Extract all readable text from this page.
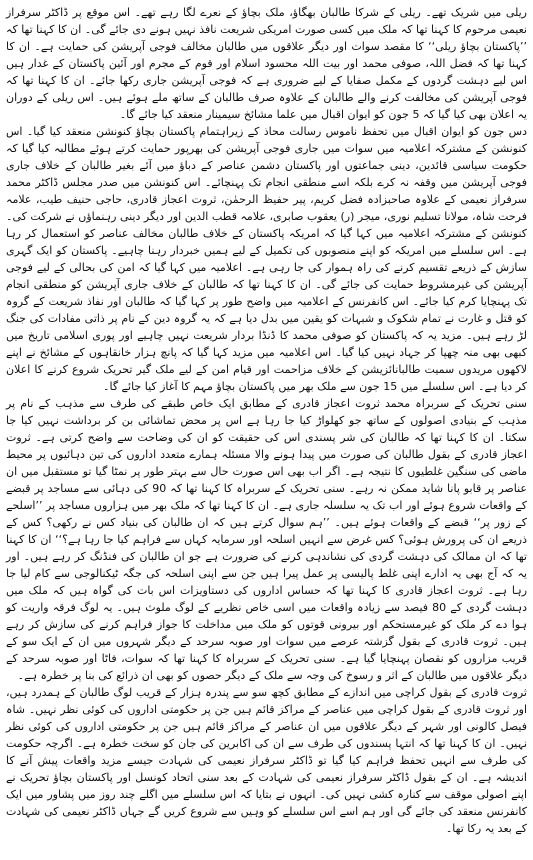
ریلی میں شریک تھے۔ ریلی کے شرکا طالبان بھگاؤ، ملک بچاؤ کے نعرے لگا رہے تھے۔ اس موقع پر ڈاکٹر سرفراز نعیمی مرحوم کا کہنا تھا کہ ملک میں کسی صورت امریکی شریعت نافذ نہیں ہونے دی جائے گی۔ ان کا کہنا تھا کہ ’’پاکستان بچاؤ ریلی‘‘ کا مقصد سوات اور دیگر علاقوں میں طالبان مخالف فوجی آپریشن کی حمایت ہے۔ ان کا کہنا تھا کہ فضل اللہ، صوفی محمد اور بیت اللہ محسود اسلام اور قوم کے مجرم اور آئین پاکستان کے غدار ہیں اس لیے دہشت گردوں کے مکمل صفایا کے لیے ضروری ہے کہ فوجی آپریشن جاری رکھا جائے۔ ان کا کہنا تھا کہ فوجی آپریشن کی مخالفت کرنے والے طالبان کے علاوہ صرف طالبان کے ساتھ ملے ہوئے ہیں۔ اس ریلی کے دوران یہ اعلان بھی کیا گیا کہ 5 جون کو ایوان اقبال میں علما مشائخ سیمینار منعقد کیا جائے گا۔

دس جون کو ایوان اقبال میں تحفظ ناموس رسالت محاذ کے زیراہتمام پاکستان بچاؤ کنونشن منعقد کیا گیا۔ اس کنونشن کے مشترکہ اعلامیہ میں سوات میں جاری فوجی آپریشن کی بھرپور حمایت کرتے ہوئے مطالبہ کیا گیا کہ حکومت سیاسی قائدین، دینی جماعتوں اور پاکستان دشمن عناصر کے دباؤ میں آئے بغیر طالبان کے خلاف جاری فوجی آپریشن میں وقفہ نہ کرے بلکہ اسے منطقی انجام تک پہنچائے۔ اس کنونشن میں صدر مجلس ڈاکٹر محمد سرفراز نعیمی کے علاوہ صاحبزادہ فضل کریم، پیر حفیظ الرحمٰن، ثروت اعجاز قادری، حاجی حنیف طیب، علامہ فرحت شاہ، مولانا تسلیم نوری، میجر (ر) یعقوب صابری، علامہ قطب الدین اور دیگر دینی رہنماؤں نے شرکت کی۔ کنونشن کے مشترکہ اعلامیہ میں کہا گیا کہ امریکہ پاکستان کے خلاف طالبان مخالف عناصر کو استعمال کر رہا ہے۔ اس سلسلے میں امریکہ کو اپنے منصوبوں کی تکمیل کے لیے ہمیں خبردار رہنا چاہیے۔ پاکستان کو ایک گہری سازش کے ذریعے تقسیم کرنے کی راہ ہموار کی جا رہی ہے۔ اعلامیہ میں کہا گیا کہ امن کی بحالی کے لیے فوجی آپریشن کی غیرمشروط حمایت کی جائے گی۔ ان کا کہنا تھا کہ طالبان کے خلاف جاری آپریشن کو منطقی انجام تک پہنچایا کرم کیا جائے۔ اس کانفرنس کے اعلامیہ میں واضح طور پر کہا گیا کہ طالبان اور نفاذ شریعت کے گروہ کو قتل و غارت نے تمام شکوک و شبہات کو یقین میں بدل دیا ہے کہ یہ گروہ دین کے نام پر ذاتی مفادات کی جنگ لڑ رہے ہیں۔ مزید یہ کہ پاکستان کو صوفی محمد کا ڈنڈا بردار شریعت نہیں چاہیے اور پوری اسلامی تاریخ میں کبھی بھی منہ چھپا کر جہاد نہیں کیا گیا۔ اس اعلامیہ میں مزید کہا گیا کہ پانچ ہزار خانقاہوں کے مشائخ نے اپنے لاکھوں مریدوں سمیت طالبانائزیشن کے خلاف مزاحمت اور قیام امن کے لیے ملک گیر تحریک شروع کرنے کا اعلان کر دیا ہے۔ اس سلسلے میں 15 جون سے ملک بھر میں پاکستان بچاؤ مہم کا آغاز کیا جائے گا۔

سنی تحریک کے سربراہ محمد ثروت اعجاز قادری کے مطابق ایک خاص طبقے کی طرف سے مذہب کے نام پر مذہب کے بنیادی اصولوں کے ساتھ جو کھلواڑ کیا جا رہا ہے اس پر محض تماشائی بن کر برداشت نہیں کیا جا سکتا۔ ان کا کہنا تھا کہ طالبان کی شر پسندی اس کی حقیقت کو ان کی وضاحت سے واضح کرتی ہے۔ ثروت اعجاز قادری کے بقول طالبان کی صورت میں پیدا ہونے والا مسئلہ ہمارے متعدد اداروں کی تین دہائیوں پر محیط ماضی کی سنگین غلطیوں کا نتیجہ ہے۔ اگر اب بھی اس صورت حال سے بہتر طور پر نمٹا گیا تو مستقبل میں ان عناصر پر قابو پانا شاید ممکن نہ رہے۔ سنی تحریک کے سربراہ کا کہنا تھا کہ 90 کی دہائی سے مساجد پر قبضے کے واقعات شروع ہوئے اور اب تک یہ سلسلہ جاری ہے۔ ان کا کہنا تھا کہ ملک بھر میں ہزاروں مساجد پر ’’اسلحے کے زور پر‘‘ قبضے کے واقعات ہوئے ہیں۔ ’’ہم سوال کرتے ہیں کہ ان طالبان کی بنیاد کس نے رکھی؟ کس کے ذریعے ان کی پرورش ہوئی؟ کس غرض سے انہیں اسلحہ اور سرمایہ کہاں سے فراہم کیا جا رہا ہے؟‘‘ ان کا کہنا تھا کہ ان ممالک کی دہشت گردی کی نشاندہی کرنے کی ضرورت ہے جو ان طالبان کی فنڈنگ کر رہے ہیں۔ اور یہ کہ آج بھی یہ ادارے اپنی غلط پالیسی پر عمل پیرا ہیں جن سے اپنی اسلحہ کی جگہ ٹیکنالوجی سے کام لیا جا رہا ہے۔ ثروت اعجاز قادری کا کہنا تھا کہ حساس اداروں کی دستاویزات اس بات کی گواہ ہیں کہ ملک میں دہشت گردی کے 80 فیصد سے زیادہ واقعات میں اسی خاص نظریے کے لوگ ملوث ہیں۔ یہ لوگ فرقہ واریت کو ہوا دے کر ملک کو غیرمستحکم اور بیرونی قوتوں کو ملک میں مداخلت کا جواز فراہم کرنے کی سازش کر رہے ہیں۔ ثروت قادری کے بقول گزشتہ عرصے میں سوات اور صوبہ سرحد کے دیگر شہروں میں ان کے ایک سو کے قریب مزاروں کو نقصان پہنچایا گیا ہے۔ سنی تحریک کے سربراہ کا کہنا تھا کہ سوات، فاٹا اور صوبہ سرحد کے دیگر علاقوں میں طالبان کے اثر و رسوخ کی وجہ سے ملک کے دیگر حصوں کو بھی ان ذرائع کی بنا پر خطرہ ہے۔

ثروت قادری کے بقول کراچی میں اندازے کے مطابق کچھ سو سے پندرہ ہزار کے قریب لوگ طالبان کے ہمدرد ہیں، اور ثروت قادری کے بقول کراچی میں عناصر کے مراکز قائم ہیں جن پر حکومتی اداروں کی کوئی نظر نہیں۔ شاہ فیصل کالونی اور شہر کے دیگر علاقوں میں ان عناصر کے مراکز قائم ہیں جن پر حکومتی اداروں کی کوئی نظر نہیں۔ ان کا کہنا تھا کہ انتہا پسندوں کی طرف سے ان کی اکابرین کی جان کو سخت خطرہ ہے۔ اگرچہ حکومت کی طرف سے انہیں تحفظ فراہم کیا گیا تو ڈاکٹر سرفراز نعیمی کی شہادت جیسے مزید واقعات پیش آنے کا اندیشہ ہے۔ ان کے بقول ڈاکٹر سرفراز نعیمی کی شہادت کے بعد سنی اتحاد کونسل اور پاکستان بچاؤ تحریک نے اپنے اصولی موقف سے کنارہ کشی نہیں کی۔ انہوں نے بتایا کہ اس سلسلے میں اگلے چند روز میں پشاور میں ایک کانفرنس منعقد کی جائے گی اور ہم اسے اس سلسلے کو وہیں سے شروع کریں گے جہاں ڈاکٹر نعیمی کی شہادت کے بعد یہ رکا تھا۔
